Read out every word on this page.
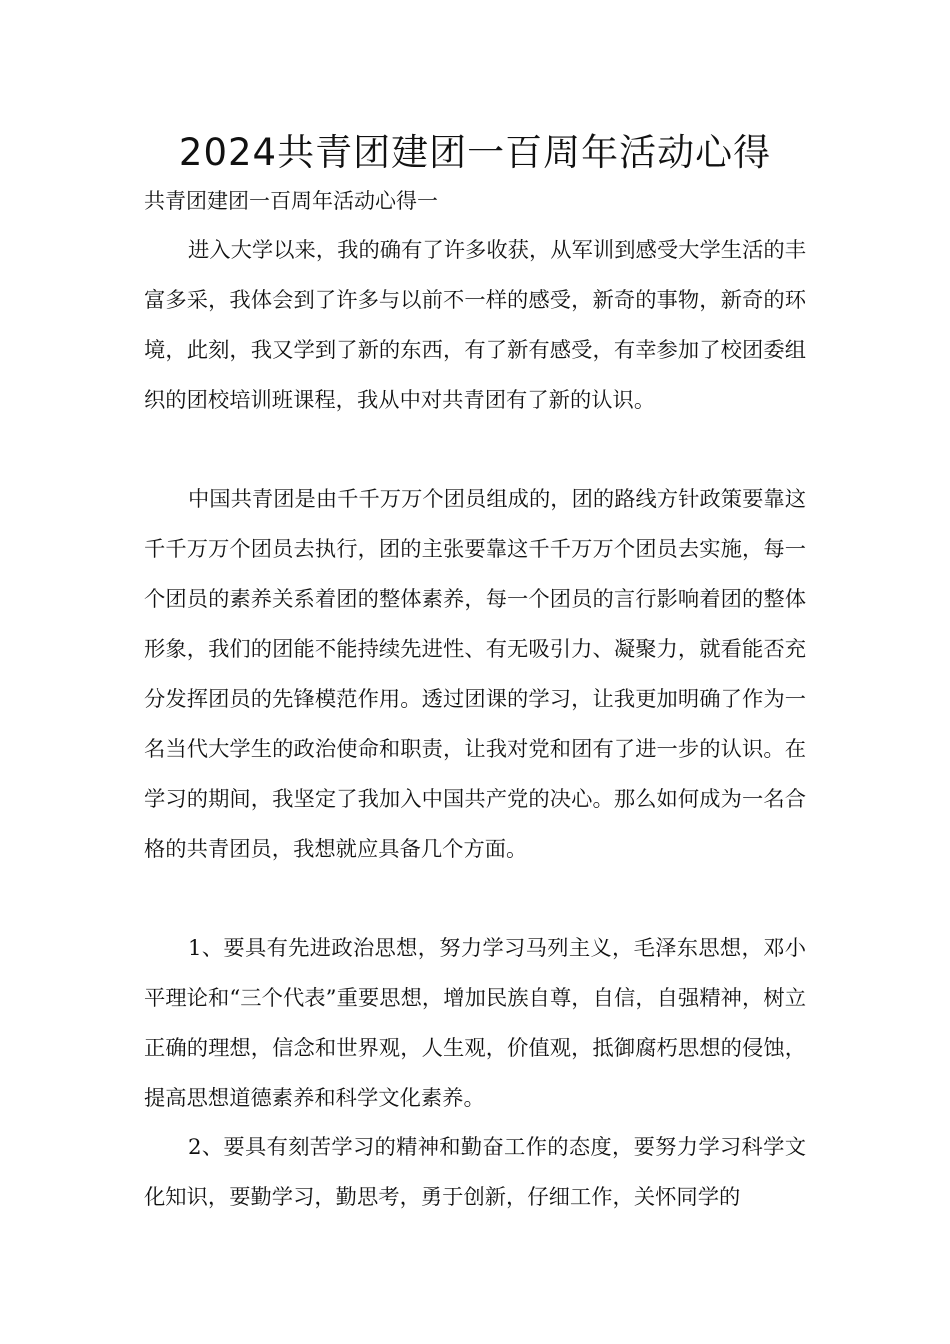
2024共青团建团一百周年活动心得

共青团建团一百周年活动心得一

进入大学以来，我的确有了许多收获，从军训到感受大学生活的丰富多采，我体会到了许多与以前不一样的感受，新奇的事物，新奇的环境，此刻，我又学到了新的东西，有了新有感受，有幸参加了校团委组织的团校培训班课程，我从中对共青团有了新的认识。

中国共青团是由千千万万个团员组成的，团的路线方针政策要靠这千千万万个团员去执行，团的主张要靠这千千万万个团员去实施，每一个团员的素养关系着团的整体素养，每一个团员的言行影响着团的整体形象，我们的团能不能持续先进性、有无吸引力、凝聚力，就看能否充分发挥团员的先锋模范作用。透过团课的学习，让我更加明确了作为一名当代大学生的政治使命和职责，让我对党和团有了进一步的认识。在学习的期间，我坚定了我加入中国共产党的决心。那么如何成为一名合格的共青团员，我想就应具备几个方面。

1、要具有先进政治思想，努力学习马列主义，毛泽东思想，邓小平理论和“三个代表”重要思想，增加民族自尊，自信，自强精神，树立正确的理想，信念和世界观，人生观，价值观，抵御腐朽思想的侵蚀，提高思想道德素养和科学文化素养。

2、要具有刻苦学习的精神和勤奋工作的态度，要努力学习科学文化知识，要勤学习，勤思考，勇于创新，仔细工作，关怀同学的
